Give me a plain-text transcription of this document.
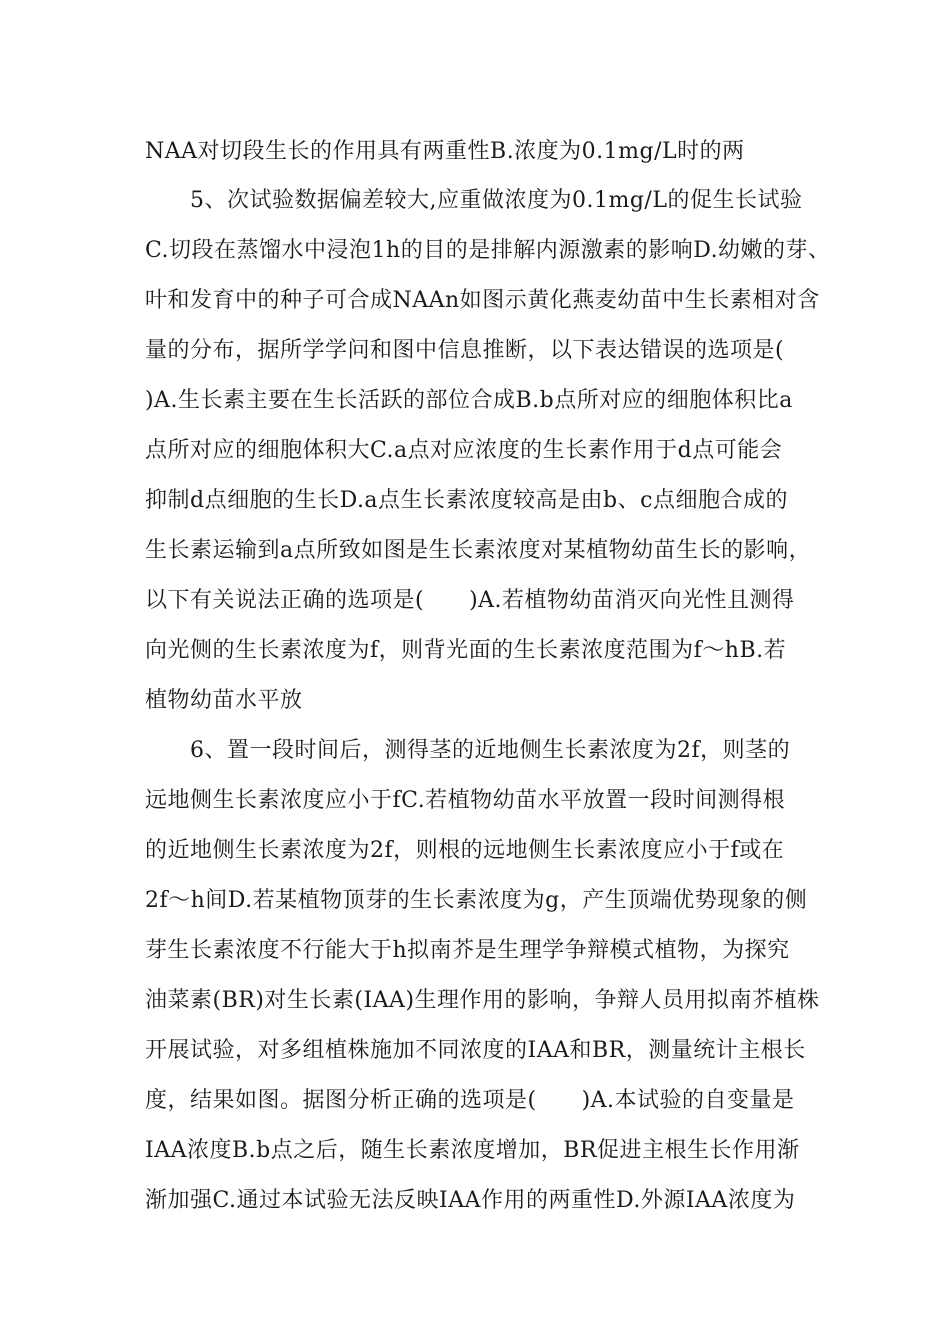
NAA对切段生长的作用具有两重性B.浓度为0.1mg/L时的两
5、次试验数据偏差较大,应重做浓度为0.1mg/L的促生长试验
C.切段在蒸馏水中浸泡1h的目的是排解内源激素的影响D.幼嫩的芽、
叶和发育中的种子可合成NAAn如图示黄化燕麦幼苗中生长素相对含
量的分布，据所学学问和图中信息推断，以下表达错误的选项是(
)A.生长素主要在生长活跃的部位合成B.b点所对应的细胞体积比a
点所对应的细胞体积大C.a点对应浓度的生长素作用于d点可能会
抑制d点细胞的生长D.a点生长素浓度较高是由b、c点细胞合成的
生长素运输到a点所致如图是生长素浓度对某植物幼苗生长的影响，
以下有关说法正确的选项是(　　)A.若植物幼苗消灭向光性且测得
向光侧的生长素浓度为f，则背光面的生长素浓度范围为f～hB.若
植物幼苗水平放
6、置一段时间后，测得茎的近地侧生长素浓度为2f，则茎的
远地侧生长素浓度应小于fC.若植物幼苗水平放置一段时间测得根
的近地侧生长素浓度为2f，则根的远地侧生长素浓度应小于f或在
2f～h间D.若某植物顶芽的生长素浓度为g，产生顶端优势现象的侧
芽生长素浓度不行能大于h拟南芥是生理学争辩模式植物，为探究
油菜素(BR)对生长素(IAA)生理作用的影响，争辩人员用拟南芥植株
开展试验，对多组植株施加不同浓度的IAA和BR，测量统计主根长
度，结果如图。据图分析正确的选项是(　　)A.本试验的自变量是
IAA浓度B.b点之后，随生长素浓度增加，BR促进主根生长作用渐
渐加强C.通过本试验无法反映IAA作用的两重性D.外源IAA浓度为
